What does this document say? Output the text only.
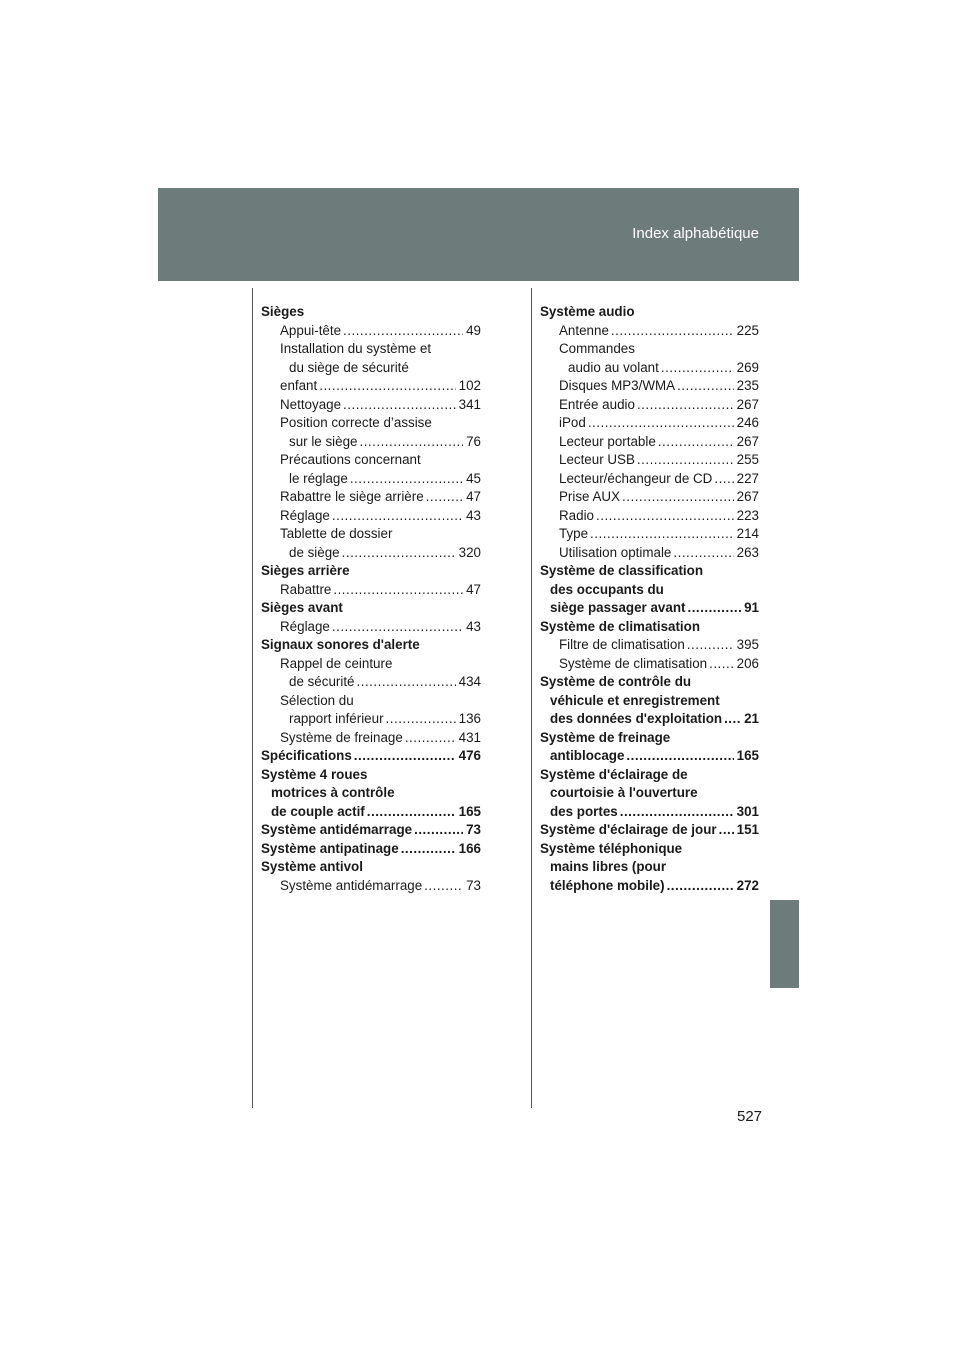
Index alphabétique
Sièges
Appui-tête .....	49
Installation du système et
du siège de sécurité
enfant .....	102
Nettoyage .....	341
Position correcte d’assise
sur le siège .....	76
Précautions concernant
le réglage .....	45
Rabattre le siège arrière .....	47
Réglage .....	43
Tablette de dossier
de siège .....	320
Sièges arrière
Rabattre .....	47
Sièges avant
Réglage .....	43
Signaux sonores d'alerte
Rappel de ceinture
de sécurité .....	434
Sélection du
rapport inférieur .....	136
Système de freinage .....	431
Spécifications .....	476
Système 4 roues
motrices à contrôle
de couple actif .....	165
Système antidémarrage .....	73
Système antipatinage .....	166
Système antivol
Système antidémarrage .....	73
Système audio
Antenne .....	225
Commandes
audio au volant .....	269
Disques MP3/WMA .....	235
Entrée audio .....	267
iPod .....	246
Lecteur portable .....	267
Lecteur USB .....	255
Lecteur/échangeur de CD ..... 227
Prise AUX .....	267
Radio .....	223
Type .....	214
Utilisation optimale .....	263
Système de classification
des occupants du
siège passager avant .....	91
Système de climatisation
Filtre de climatisation .....	395
Système de climatisation ..... 206
Système de contrôle du
véhicule et enregistrement
des données d'exploitation ..... 21
Système de freinage
antiblocage .....	165
Système d'éclairage de
courtoisie à l'ouverture
des portes .....	301
Système d'éclairage de jour ..... 151
Système téléphonique
mains libres (pour
téléphone mobile) .....	272
527
